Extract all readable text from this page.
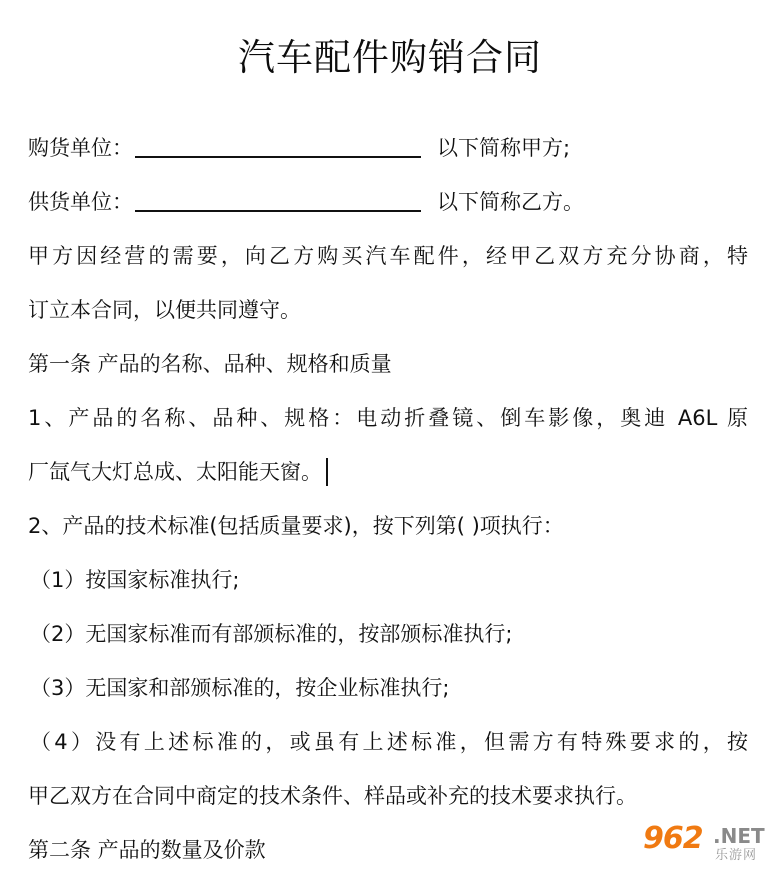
汽车配件购销合同
购货单位：	以下简称甲方;
供货单位：	以下简称乙方。
甲方因经营的需要，向乙方购买汽车配件，经甲乙双方充分协商，特
订立本合同，以便共同遵守。
第一条 产品的名称、品种、规格和质量
1、产品的名称、品种、规格：电动折叠镜、倒车影像，奥迪 A6L 原
厂氙气大灯总成、太阳能天窗。
2、产品的技术标准(包括质量要求)，按下列第( )项执行：
（1）按国家标准执行;
（2）无国家标准而有部颁标准的，按部颁标准执行;
（3）无国家和部颁标准的，按企业标准执行;
（4）没有上述标准的，或虽有上述标准，但需方有特殊要求的，按
甲乙双方在合同中商定的技术条件、样品或补充的技术要求执行。
第二条 产品的数量及价款	962 .NET
乐游网
